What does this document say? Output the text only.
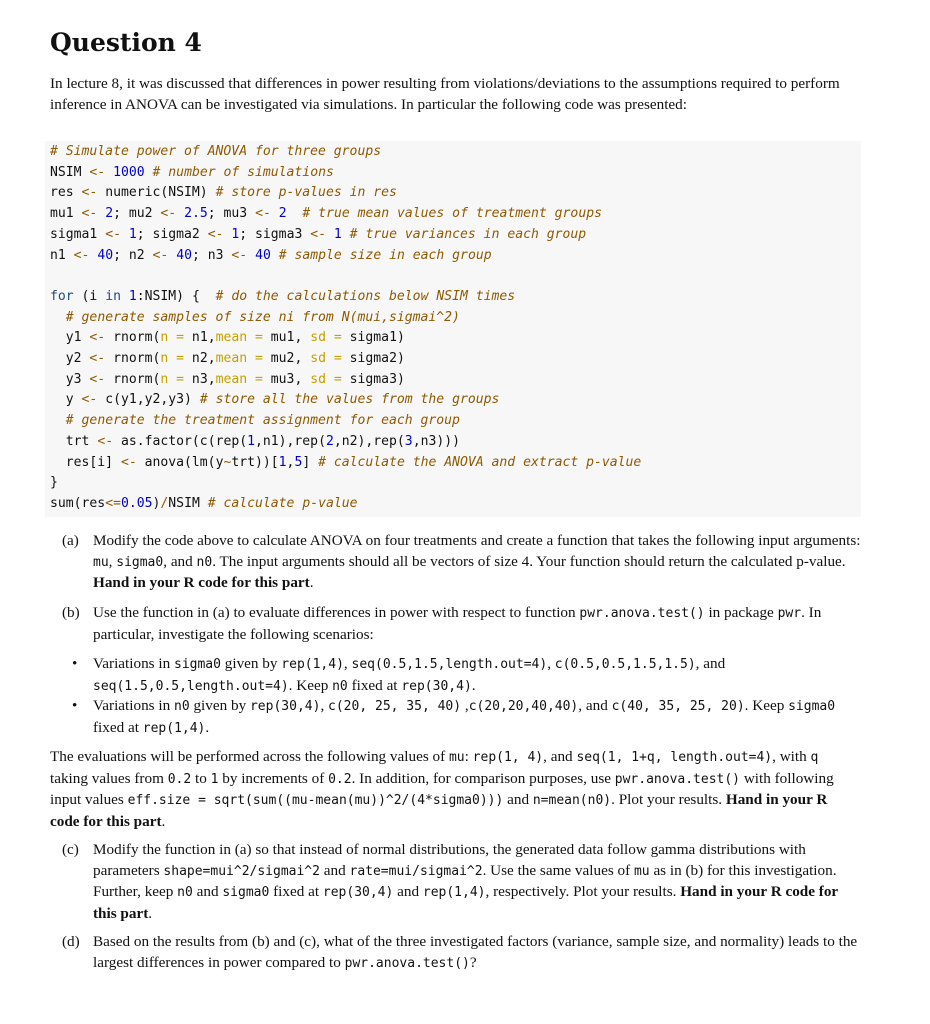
Question 4

In lecture 8, it was discussed that differences in power resulting from violations/deviations to the assumptions required to perform inference in ANOVA can be investigated via simulations. In particular the following code was presented:

# Simulate power of ANOVA for three groups
NSIM <- 1000 # number of simulations
res <- numeric(NSIM) # store p-values in res
mu1 <- 2; mu2 <- 2.5; mu3 <- 2 # true mean values of treatment groups
sigma1 <- 1; sigma2 <- 1; sigma3 <- 1 # true variances in each group
n1 <- 40; n2 <- 40; n3 <- 40 # sample size in each group

for (i in 1:NSIM) {  # do the calculations below NSIM times
# generate samples of size ni from N(mui,sigmai^2)
y1 <- rnorm(n = n1,mean = mu1, sd = sigma1)
y2 <- rnorm(n = n2,mean = mu2, sd = sigma2)
y3 <- rnorm(n = n3,mean = mu3, sd = sigma3)
y <- c(y1,y2,y3) # store all the values from the groups
# generate the treatment assignment for each group
trt <- as.factor(c(rep(1,n1),rep(2,n2),rep(3,n3)))
res[i] <- anova(lm(y~trt))[1,5] # calculate the ANOVA and extract p-value
}
sum(res<=0.05)/NSIM # calculate p-value
(a) Modify the code above to calculate ANOVA on four treatments and create a function that takes the following input arguments: mu, sigma0, and n0. The input arguments should all be vectors of size 4. Your function should return the calculated p-value. Hand in your R code for this part.
(b) Use the function in (a) to evaluate differences in power with respect to function pwr.anova.test() in package pwr. In particular, investigate the following scenarios:
• Variations in sigma0 given by rep(1,4), seq(0.5,1.5,length.out=4), c(0.5,0.5,1.5,1.5), and seq(1.5,0.5,length.out=4). Keep n0 fixed at rep(30,4).
• Variations in n0 given by rep(30,4), c(20, 25, 35, 40) ,c(20,20,40,40), and c(40, 35, 25, 20). Keep sigma0 fixed at rep(1,4).

The evaluations will be performed across the following values of mu: rep(1, 4), and seq(1, 1+q, length.out=4), with q taking values from 0.2 to 1 by increments of 0.2. In addition, for comparison purposes, use pwr.anova.test() with following input values eff.size = sqrt(sum((mu-mean(mu))^2/(4*sigma0))) and n=mean(n0). Plot your results. Hand in your R code for this part.

(c) Modify the function in (a) so that instead of normal distributions, the generated data follow gamma distributions with parameters shape=mui^2/sigmai^2 and rate=mui/sigmai^2. Use the same values of mu as in (b) for this investigation. Further, keep n0 and sigma0 fixed at rep(30,4) and rep(1,4), respectively. Plot your results. Hand in your R code for this part.
(d) Based on the results from (b) and (c), what of the three investigated factors (variance, sample size, and normality) leads to the largest differences in power compared to pwr.anova.test()?
